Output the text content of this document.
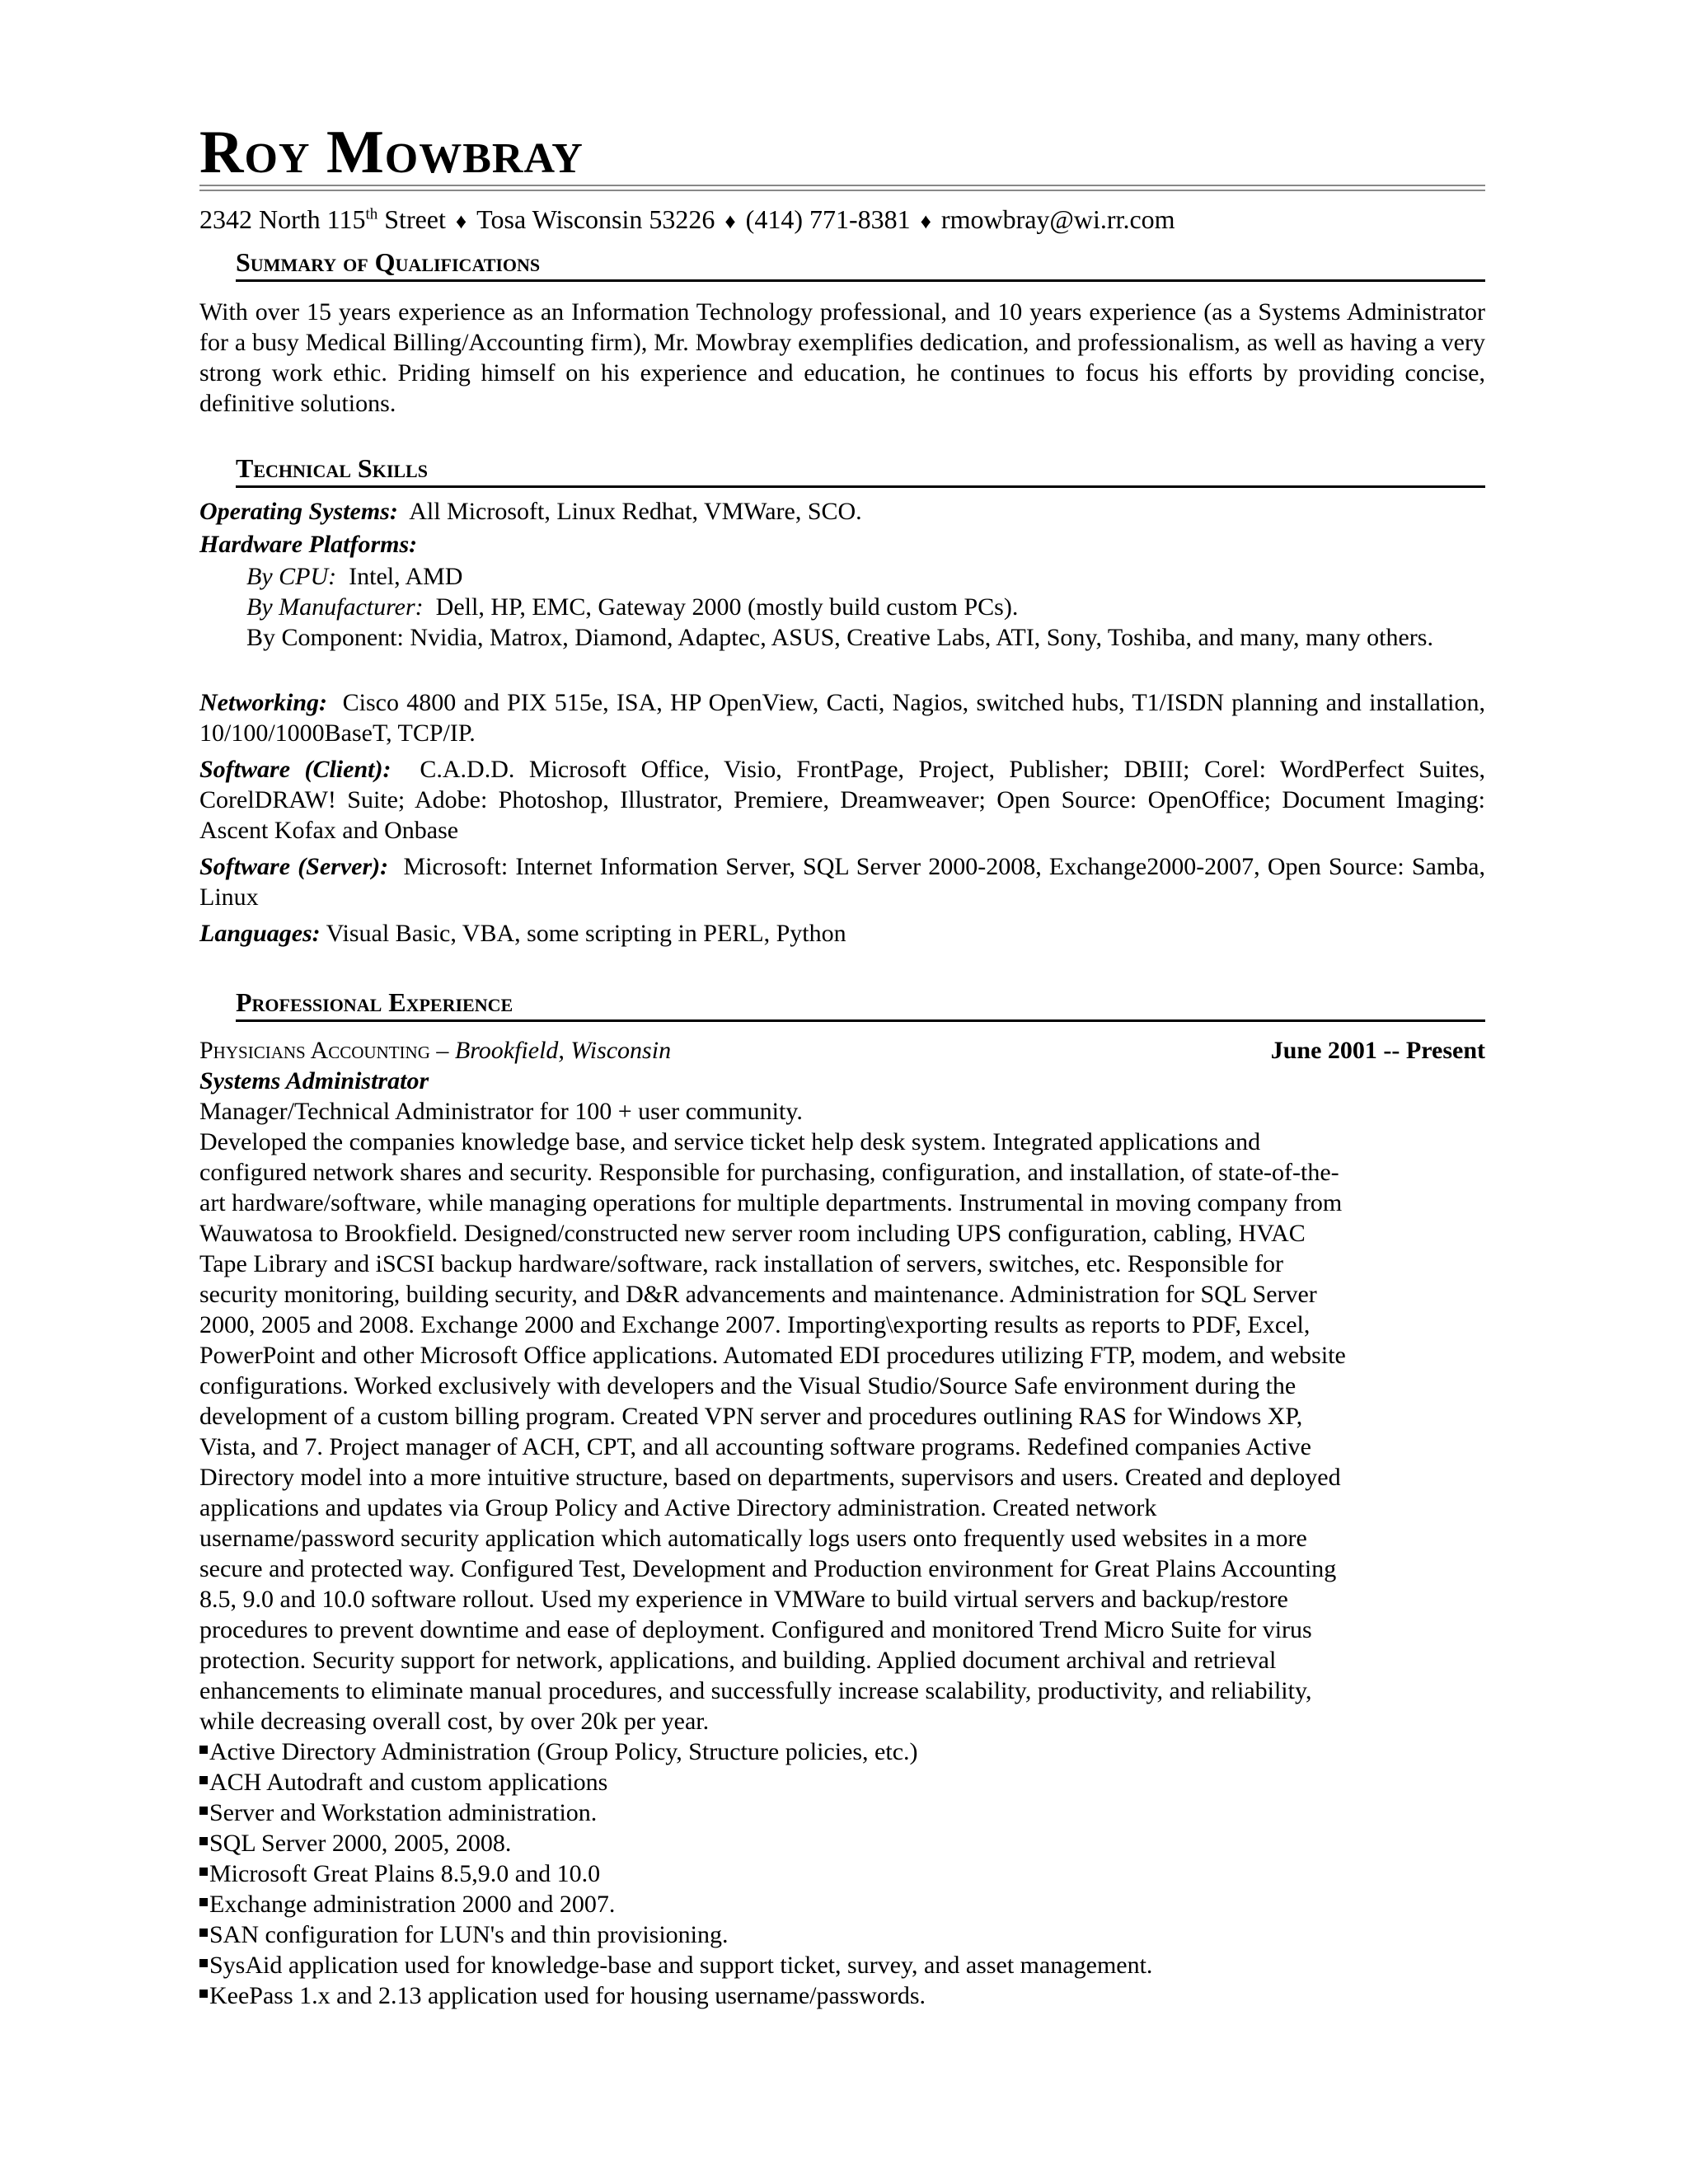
Roy Mowbray
2342 North 115th Street ♦ Tosa Wisconsin 53226 ♦ (414) 771-8381 ♦ rmowbray@wi.rr.com
Summary of Qualifications
With over 15 years experience as an Information Technology professional, and 10 years experience (as a Systems Administrator for a busy Medical Billing/Accounting firm), Mr. Mowbray exemplifies dedication, and professionalism, as well as having a very strong work ethic. Priding himself on his experience and education, he continues to focus his efforts by providing concise, definitive solutions.
Technical Skills
Operating Systems: All Microsoft, Linux Redhat, VMWare, SCO.
Hardware Platforms:
By CPU: Intel, AMD
By Manufacturer: Dell, HP, EMC, Gateway 2000 (mostly build custom PCs).
By Component: Nvidia, Matrox, Diamond, Adaptec, ASUS, Creative Labs, ATI, Sony, Toshiba, and many, many others.
Networking: Cisco 4800 and PIX 515e, ISA, HP OpenView, Cacti, Nagios, switched hubs, T1/ISDN planning and installation, 10/100/1000BaseT, TCP/IP.
Software (Client): C.A.D.D. Microsoft Office, Visio, FrontPage, Project, Publisher; DBIII; Corel: WordPerfect Suites, CorelDRAW! Suite; Adobe: Photoshop, Illustrator, Premiere, Dreamweaver; Open Source: OpenOffice; Document Imaging: Ascent Kofax and Onbase
Software (Server): Microsoft: Internet Information Server, SQL Server 2000-2008, Exchange2000-2007, Open Source: Samba, Linux
Languages: Visual Basic, VBA, some scripting in PERL, Python
Professional Experience
Physicians Accounting – Brookfield, Wisconsin	June 2001 -- Present
Systems Administrator
Manager/Technical Administrator for 100 + user community.
Developed the companies knowledge base, and service ticket help desk system. Integrated applications and
configured network shares and security. Responsible for purchasing, configuration, and installation, of state-of-the-
art hardware/software, while managing operations for multiple departments. Instrumental in moving company from
Wauwatosa to Brookfield. Designed/constructed new server room including UPS configuration, cabling, HVAC
Tape Library and iSCSI backup hardware/software, rack installation of servers, switches, etc. Responsible for
security monitoring, building security, and D&R advancements and maintenance. Administration for SQL Server
2000, 2005 and 2008. Exchange 2000 and Exchange 2007. Importing\exporting results as reports to PDF, Excel,
PowerPoint and other Microsoft Office applications. Automated EDI procedures utilizing FTP, modem, and website
configurations. Worked exclusively with developers and the Visual Studio/Source Safe environment during the
development of a custom billing program. Created VPN server and procedures outlining RAS for Windows XP,
Vista, and 7. Project manager of ACH, CPT, and all accounting software programs. Redefined companies Active
Directory model into a more intuitive structure, based on departments, supervisors and users. Created and deployed
applications and updates via Group Policy and Active Directory administration. Created network
username/password security application which automatically logs users onto frequently used websites in a more
secure and protected way. Configured Test, Development and Production environment for Great Plains Accounting
8.5, 9.0 and 10.0 software rollout. Used my experience in VMWare to build virtual servers and backup/restore
procedures to prevent downtime and ease of deployment. Configured and monitored Trend Micro Suite for virus
protection. Security support for network, applications, and building. Applied document archival and retrieval
enhancements to eliminate manual procedures, and successfully increase scalability, productivity, and reliability,
while decreasing overall cost, by over 20k per year.
Active Directory Administration (Group Policy, Structure policies, etc.)
ACH Autodraft and custom applications
Server and Workstation administration.
SQL Server 2000, 2005, 2008.
Microsoft Great Plains 8.5,9.0 and 10.0
Exchange administration 2000 and 2007.
SAN configuration for LUN's and thin provisioning.
SysAid application used for knowledge-base and support ticket, survey, and asset management.
KeePass 1.x and 2.13 application used for housing username/passwords.
